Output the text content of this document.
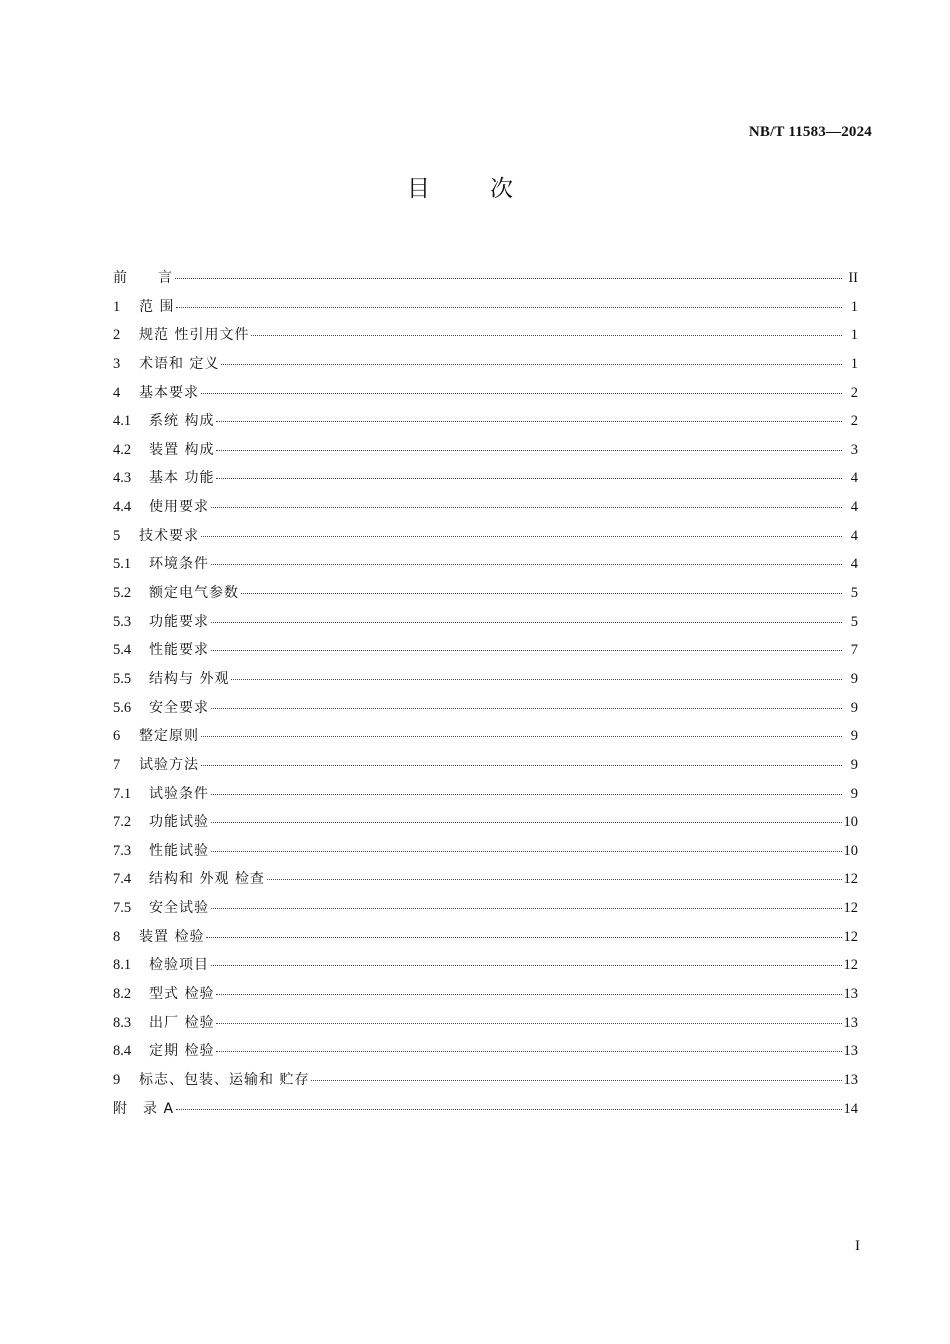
NB/T 11583—2024
目次
前　　言	II
1	范 围	1
2	规范 性引用文件	1
3	术语和 定义	1
4	基本要求	2
4.1	系统 构成	2
4.2	装置 构成	3
4.3	基本 功能	4
4.4	使用要求	4
5	技术要求	4
5.1	环境条件	4
5.2	额定电气参数	5
5.3	功能要求	5
5.4	性能要求	7
5.5	结构与 外观	9
5.6	安全要求	9
6	整定原则	9
7	试验方法	9
7.1	试验条件	9
7.2	功能试验	10
7.3	性能试验	10
7.4	结构和 外观 检查	12
7.5	安全试验	12
8	装置 检验	12
8.1	检验项目	12
8.2	型式 检验	13
8.3	出厂 检验	13
8.4	定期 检验	13
9	标志、包装、运输和 贮存	13
附　录 A	14
I
